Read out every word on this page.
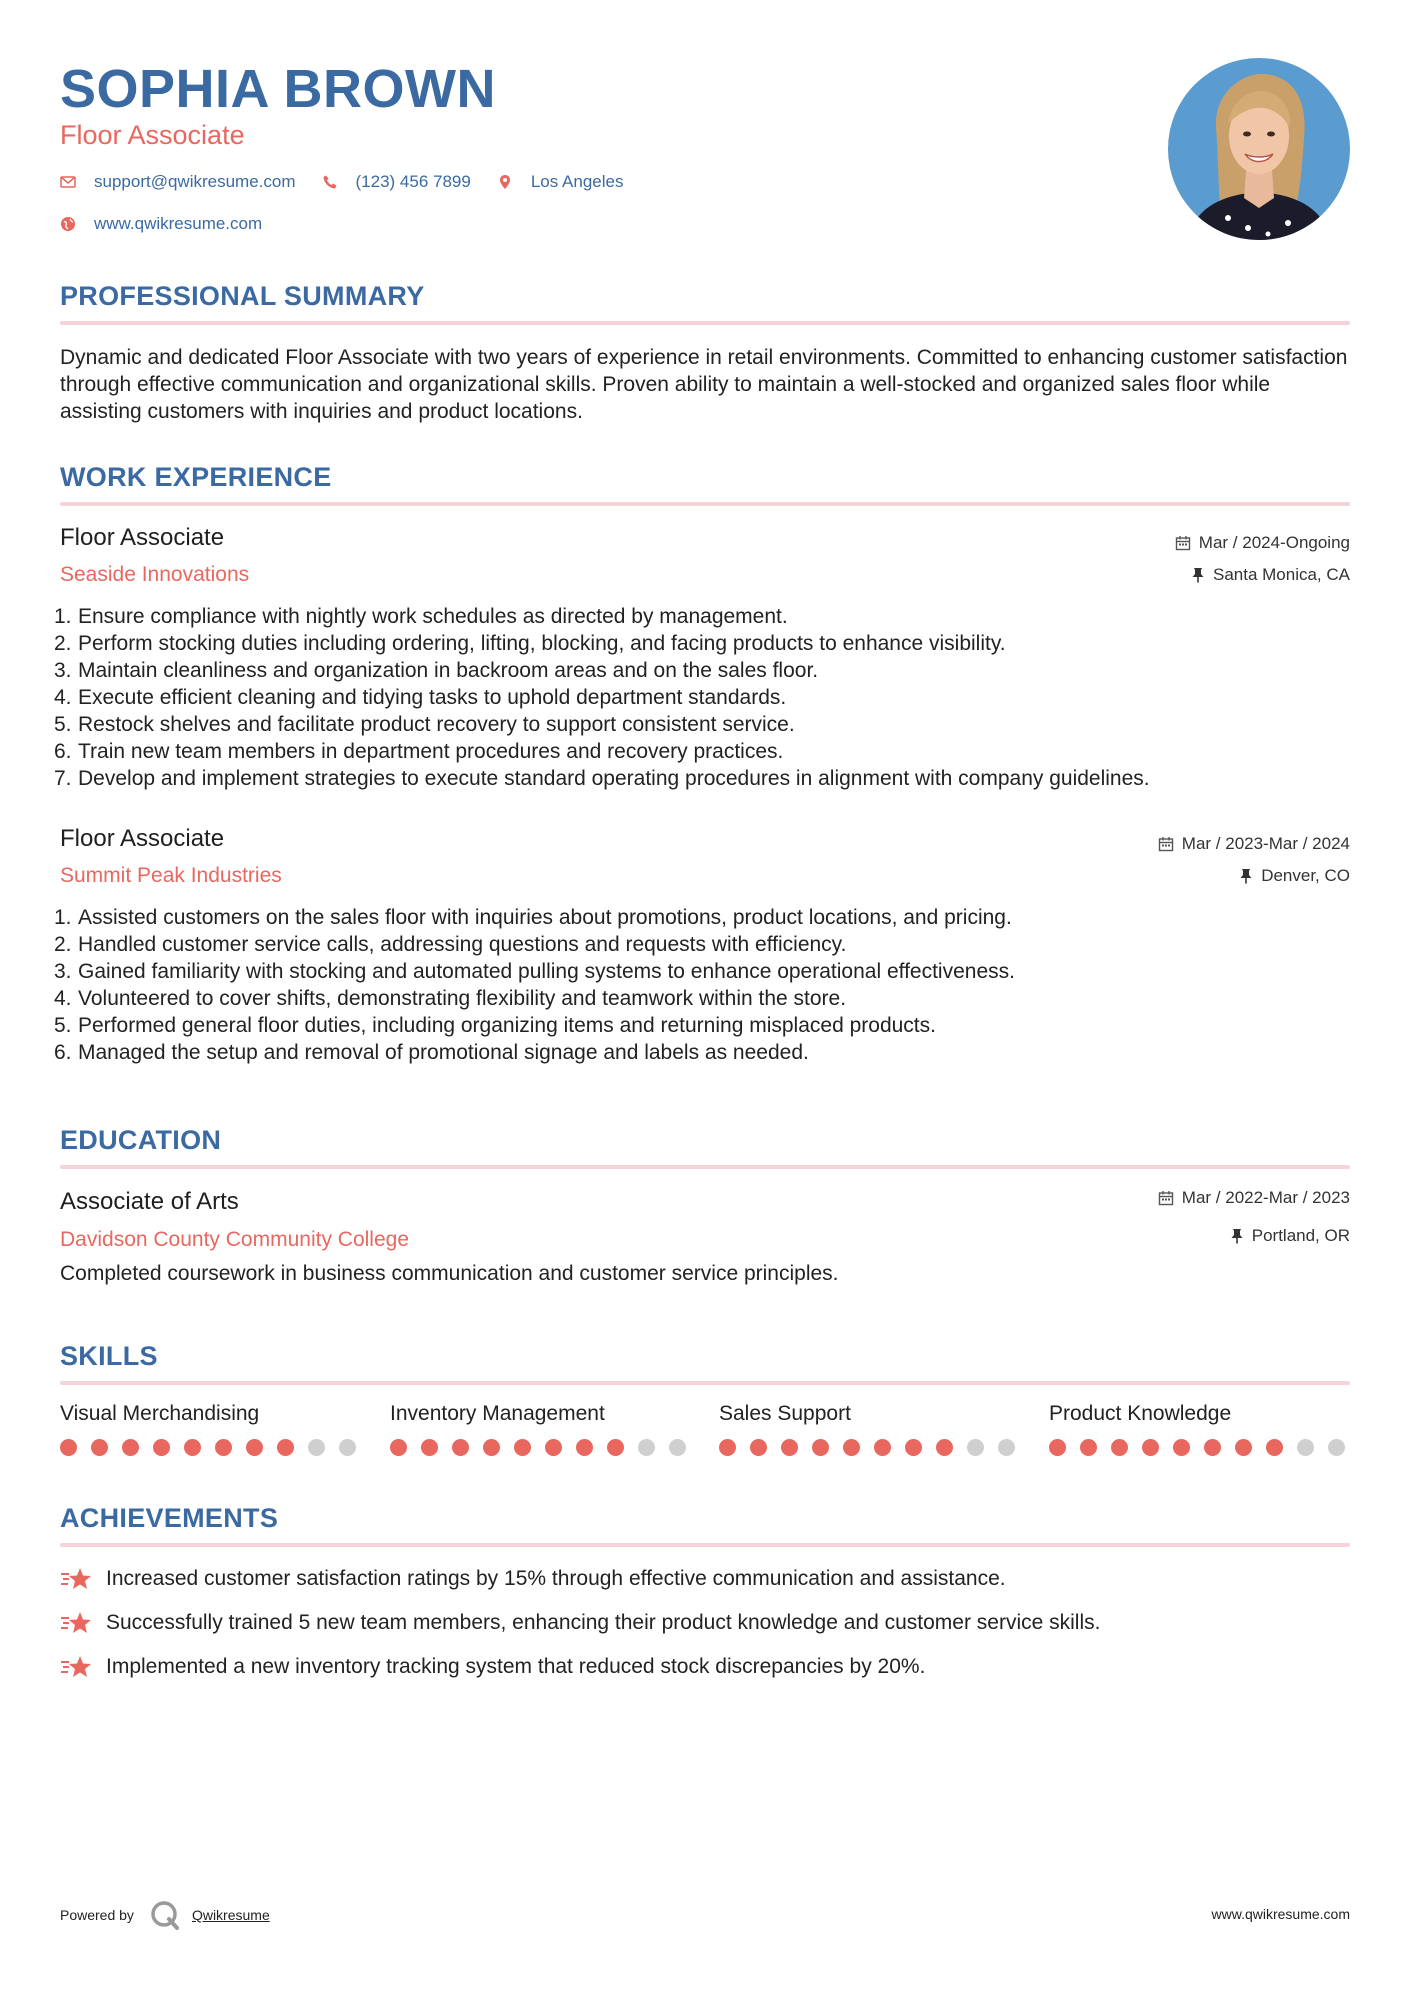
SOPHIA BROWN
Floor Associate
support@qwikresume.com	(123) 456 7899	Los Angeles
www.qwikresume.com
PROFESSIONAL SUMMARY
Dynamic and dedicated Floor Associate with two years of experience in retail environments. Committed to enhancing customer satisfaction through effective communication and organizational skills. Proven ability to maintain a well-stocked and organized sales floor while assisting customers with inquiries and product locations.
WORK EXPERIENCE
Floor Associate
Seaside Innovations
Mar / 2024-Ongoing
Santa Monica, CA
1. Ensure compliance with nightly work schedules as directed by management.
2. Perform stocking duties including ordering, lifting, blocking, and facing products to enhance visibility.
3. Maintain cleanliness and organization in backroom areas and on the sales floor.
4. Execute efficient cleaning and tidying tasks to uphold department standards.
5. Restock shelves and facilitate product recovery to support consistent service.
6. Train new team members in department procedures and recovery practices.
7. Develop and implement strategies to execute standard operating procedures in alignment with company guidelines.
Floor Associate
Summit Peak Industries
Mar / 2023-Mar / 2024
Denver, CO
1. Assisted customers on the sales floor with inquiries about promotions, product locations, and pricing.
2. Handled customer service calls, addressing questions and requests with efficiency.
3. Gained familiarity with stocking and automated pulling systems to enhance operational effectiveness.
4. Volunteered to cover shifts, demonstrating flexibility and teamwork within the store.
5. Performed general floor duties, including organizing items and returning misplaced products.
6. Managed the setup and removal of promotional signage and labels as needed.
EDUCATION
Associate of Arts
Davidson County Community College
Mar / 2022-Mar / 2023
Portland, OR
Completed coursework in business communication and customer service principles.
SKILLS
Visual Merchandising	Inventory Management	Sales Support	Product Knowledge
ACHIEVEMENTS
Increased customer satisfaction ratings by 15% through effective communication and assistance.
Successfully trained 5 new team members, enhancing their product knowledge and customer service skills.
Implemented a new inventory tracking system that reduced stock discrepancies by 20%.
Powered by	Qwikresume	www.qwikresume.com
